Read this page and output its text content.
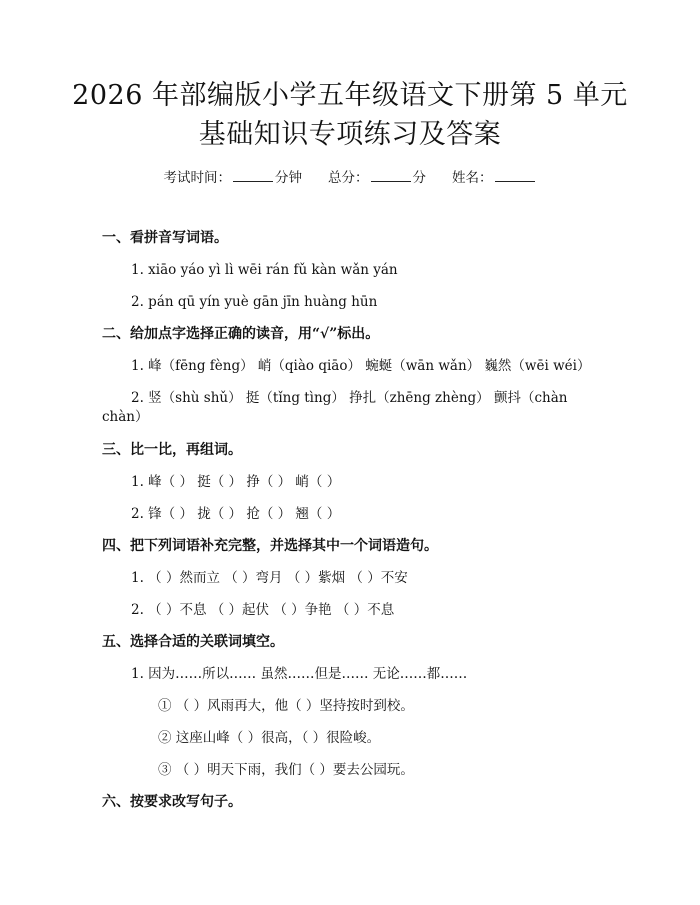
2026 年部编版小学五年级语文下册第 5 单元
基础知识专项练习及答案
考试时间：	分钟 总分：	分 姓名：
一、看拼音写词语。
1. xiāo yáo yì lì wēi rán fǔ kàn wǎn yán
2. pán qū yín yuè gān jīn huàng hūn
二、给加点字选择正确的读音，用“√”标出。
1. 峰（fēng fèng） 峭（qiào qiāo） 蜿蜒（wān wǎn） 巍然（wēi wéi）
2. 竖（shù shǔ） 挺（tǐng tìng） 挣扎（zhēng zhèng） 颤抖（chàn
chàn）
三、比一比，再组词。
1. 峰（ ） 挺（ ） 挣（ ） 峭（ ）
2. 锋（ ） 拢（ ） 抢（ ） 翘（ ）
四、把下列词语补充完整，并选择其中一个词语造句。
1. （ ）然而立 （ ）弯月 （ ）紫烟 （ ）不安
2. （ ）不息 （ ）起伏 （ ）争艳 （ ）不息
五、选择合适的关联词填空。
1. 因为……所以…… 虽然……但是…… 无论……都……
① （ ）风雨再大，他（ ）坚持按时到校。
② 这座山峰（ ）很高，（ ）很险峻。
③ （ ）明天下雨，我们（ ）要去公园玩。
六、按要求改写句子。
